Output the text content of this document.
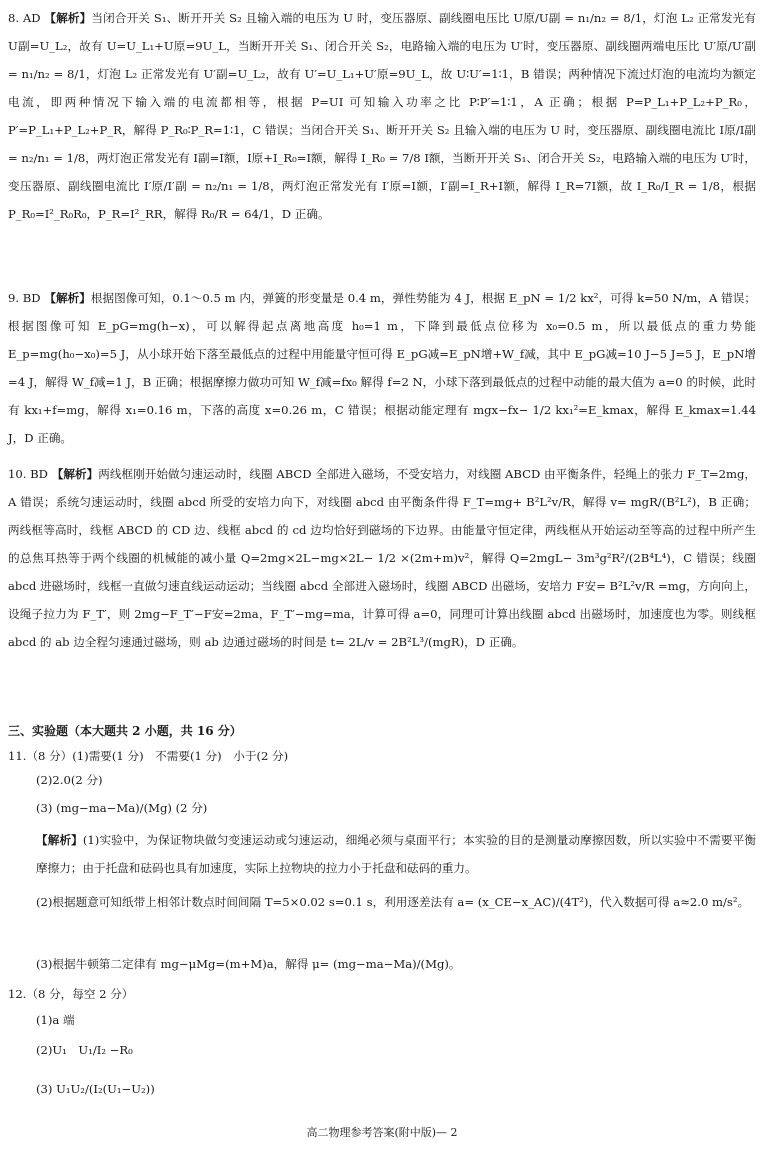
8. AD 【解析】当闭合开关 S₁、断开开关 S₂ 且输入端的电压为 U 时，变压器原、副线圈电压比 U原/U副 = n₁/n₂ = 8/1，灯泡 L₂ 正常发光有 U副=U_L₂，故有 U=U_L₁+U原=9U_L，当断开开关 S₁、闭合开关 S₂，电路输入端的电压为 U′时，变压器原、副线圈两端电压比 U′原/U′副 = n₁/n₂ = 8/1，灯泡 L₂ 正常发光有 U′副=U_L₂，故有 U′=U_L₁+U′原=9U_L，故 U∶U′=1∶1，B 错误；两种情况下流过灯泡的电流均为额定电流，即两种情况下输入端的电流都相等，根据 P=UI 可知输入功率之比 P∶P′=1∶1，A 正确；根据 P=P_L₁+P_L₂+P_R₀，P′=P_L₁+P_L₂+P_R，解得 P_R₀∶P_R=1∶1，C 错误；当闭合开关 S₁、断开开关 S₂ 且输入端的电压为 U 时，变压器原、副线圈电流比 I原/I副 = n₂/n₁ = 1/8，两灯泡正常发光有 I副=I额，I原+I_R₀=I额，解得 I_R₀ = 7/8 I额，当断开开关 S₁、闭合开关 S₂，电路输入端的电压为 U′时，变压器原、副线圈电流比 I′原/I′副 = n₂/n₁ = 1/8，两灯泡正常发光有 I′原=I额，I′副=I_R+I额，解得 I_R=7I额，故 I_R₀/I_R = 1/8，根据 P_R₀=I²_R₀R₀，P_R=I²_RR，解得 R₀/R = 64/1，D 正确。
9. BD 【解析】根据图像可知，0.1～0.5 m 内，弹簧的形变量是 0.4 m，弹性势能为 4 J，根据 E_pN = 1/2 kx²，可得 k=50 N/m，A 错误；根据图像可知 E_pG=mg(h−x)，可以解得起点离地高度 h₀=1 m，下降到最低点位移为 x₀=0.5 m，所以最低点的重力势能 E_p=mg(h₀−x₀)=5 J，从小球开始下落至最低点的过程中用能量守恒可得 E_pG减=E_pN增+W_f减，其中 E_pG减=10 J−5 J=5 J，E_pN增=4 J，解得 W_f减=1 J，B 正确；根据摩擦力做功可知 W_f减=fx₀ 解得 f=2 N，小球下落到最低点的过程中动能的最大值为 a=0 的时候，此时有 kx₁+f=mg，解得 x₁=0.16 m，下落的高度 x=0.26 m，C 错误；根据动能定理有 mgx−fx− 1/2 kx₁²=E_kmax，解得 E_kmax=1.44 J，D 正确。
10. BD 【解析】两线框刚开始做匀速运动时，线圈 ABCD 全部进入磁场，不受安培力，对线圈 ABCD 由平衡条件，轻绳上的张力 F_T=2mg，A 错误；系统匀速运动时，线圈 abcd 所受的安培力向下，对线圈 abcd 由平衡条件得 F_T=mg+ B²L²v/R，解得 v= mgR/(B²L²)，B 正确；两线框等高时，线框 ABCD 的 CD 边、线框 abcd 的 cd 边均恰好到磁场的下边界。由能量守恒定律，两线框从开始运动至等高的过程中所产生的总焦耳热等于两个线圈的机械能的减小量 Q=2mg×2L−mg×2L− 1/2 ×(2m+m)v²，解得 Q=2mgL− 3m³g²R²/(2B⁴L⁴)，C 错误；线圈 abcd 进磁场时，线框一直做匀速直线运动运动；当线圈 abcd 全部进入磁场时，线圈 ABCD 出磁场，安培力 F安= B²L²v/R =mg，方向向上，设绳子拉力为 F_T′，则 2mg−F_T′−F安=2ma，F_T′−mg=ma，计算可得 a=0，同理可计算出线圈 abcd 出磁场时，加速度也为零。则线框 abcd 的 ab 边全程匀速通过磁场，则 ab 边通过磁场的时间是 t= 2L/v = 2B²L³/(mgR)，D 正确。
三、实验题（本大题共 2 小题，共 16 分）
11.（8 分）(1)需要(1 分)　不需要(1 分)　小于(2 分)
(2)2.0(2 分)
(3) (mg−ma−Ma)/(Mg) (2 分)
【解析】(1)实验中，为保证物块做匀变速运动或匀速运动，细绳必须与桌面平行；本实验的目的是测量动摩擦因数，所以实验中不需要平衡摩擦力；由于托盘和砝码也具有加速度，实际上拉物块的拉力小于托盘和砝码的重力。
(2)根据题意可知纸带上相邻计数点时间间隔 T=5×0.02 s=0.1 s，利用逐差法有 a= (x_CE−x_AC)/(4T²)，代入数据可得 a≈2.0 m/s²。
(3)根据牛顿第二定律有 mg−μMg=(m+M)a，解得 μ= (mg−ma−Ma)/(Mg)。
12.（8 分，每空 2 分）
(1)a 端
(2)U₁　U₁/I₂ −R₀
(3) U₁U₂/(I₂(U₁−U₂))
高二物理参考答案(附中版)— 2
